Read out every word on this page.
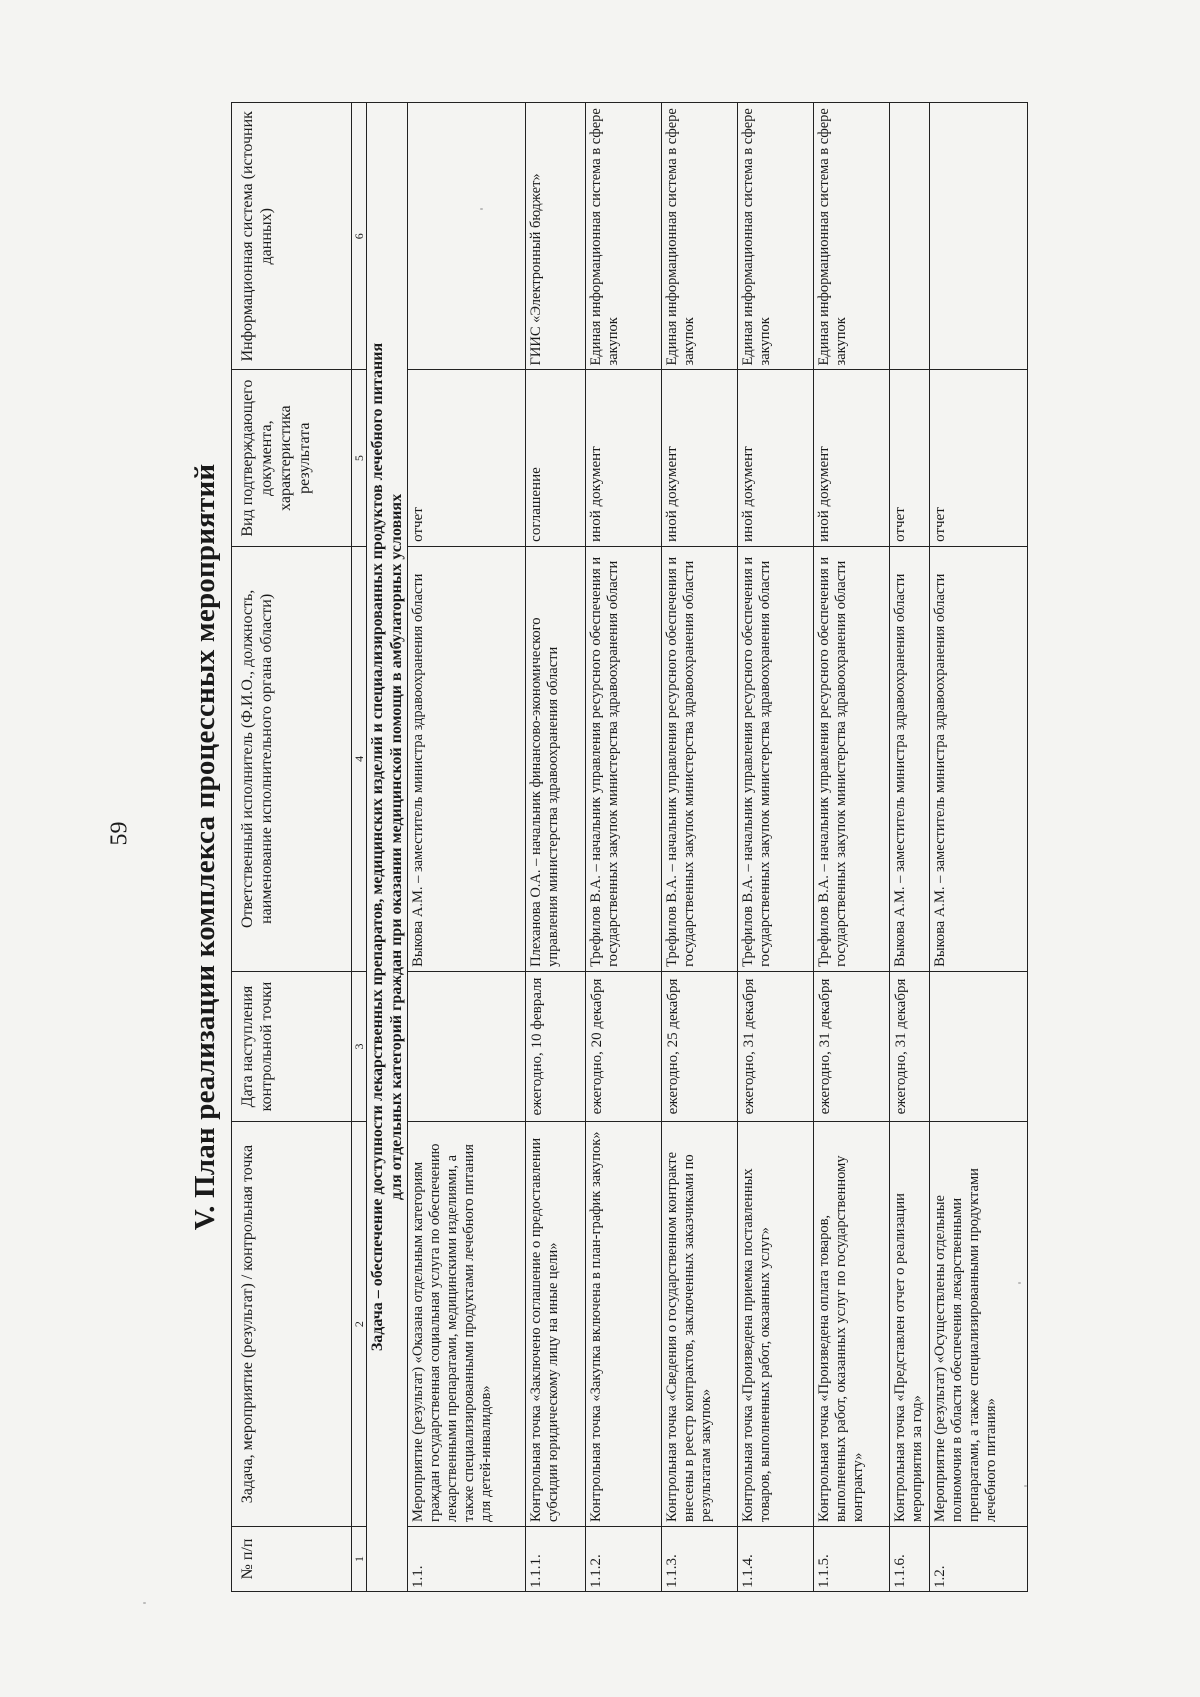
59	V. План реализации комплекса процессных мероприятий
№ п/п	Задача, мероприятие (результат) / контрольная точка	Дата наступления контрольной точки	Ответственный исполнитель (Ф.И.О., должность, наименование исполнительного органа области)	Вид подтверждающего документа, характеристика результата	Информационная система (источник данных)
1	2	3	4	5	6

Задача – обеспечение доступности лекарственных препаратов, медицинских изделий и специализированных продуктов лечебного питания для отдельных категорий граждан при оказании медицинской помощи в амбулаторных условиях					

1.1.	Мероприятие (результат) «Оказана отдельным категориям граждан государственная социальная услуга по обеспечению лекарственными препаратами, медицинскими изделиями, а также специализированными продуктами лечебного питания для детей-инвалидов»		Выкова А.М. – заместитель министра здравоохранения области	отчет	
1.1.1.	Контрольная точка «Заключено соглашение о предоставлении субсидии юридическому лицу на иные цели»	ежегодно, 10 февраля	Плеханова О.А. – начальник финансово-экономического управления министерства здравоохранения области	соглашение	ГИИС «Электронный бюджет»
1.1.2.	Контрольная точка «Закупка включена в план-график закупок»	ежегодно, 20 декабря	Трефилов В.А. – начальник управления ресурсного обеспечения и государственных закупок министерства здравоохранения области	иной документ	Единая информационная система в сфере закупок
1.1.3.	Контрольная точка «Сведения о государственном контракте внесены в реестр контрактов, заключенных заказчиками по результатам закупок»	ежегодно, 25 декабря	Трефилов В.А. – начальник управления ресурсного обеспечения и государственных закупок министерства здравоохранения области	иной документ	Единая информационная система в сфере закупок
1.1.4.	Контрольная точка «Произведена приемка поставленных товаров, выполненных работ, оказанных услуг»	ежегодно, 31 декабря	Трефилов В.А. – начальник управления ресурсного обеспечения и государственных закупок министерства здравоохранения области	иной документ	Единая информационная система в сфере закупок
1.1.5.	Контрольная точка «Произведена оплата товаров, выполненных работ, оказанных услуг по государственному контракту»	ежегодно, 31 декабря	Трефилов В.А. – начальник управления ресурсного обеспечения и государственных закупок министерства здравоохранения области	иной документ	Единая информационная система в сфере закупок
1.1.6.	Контрольная точка «Представлен отчет о реализации мероприятия за год»	ежегодно, 31 декабря	Выкова А.М. – заместитель министра здравоохранения области	отчет	
1.2.	Мероприятие (результат) «Осуществлены отдельные полномочия в области обеспечения лекарственными препаратами, а также специализированными продуктами лечебного питания»		Выкова А.М. – заместитель министра здравоохранения области	отчет	
